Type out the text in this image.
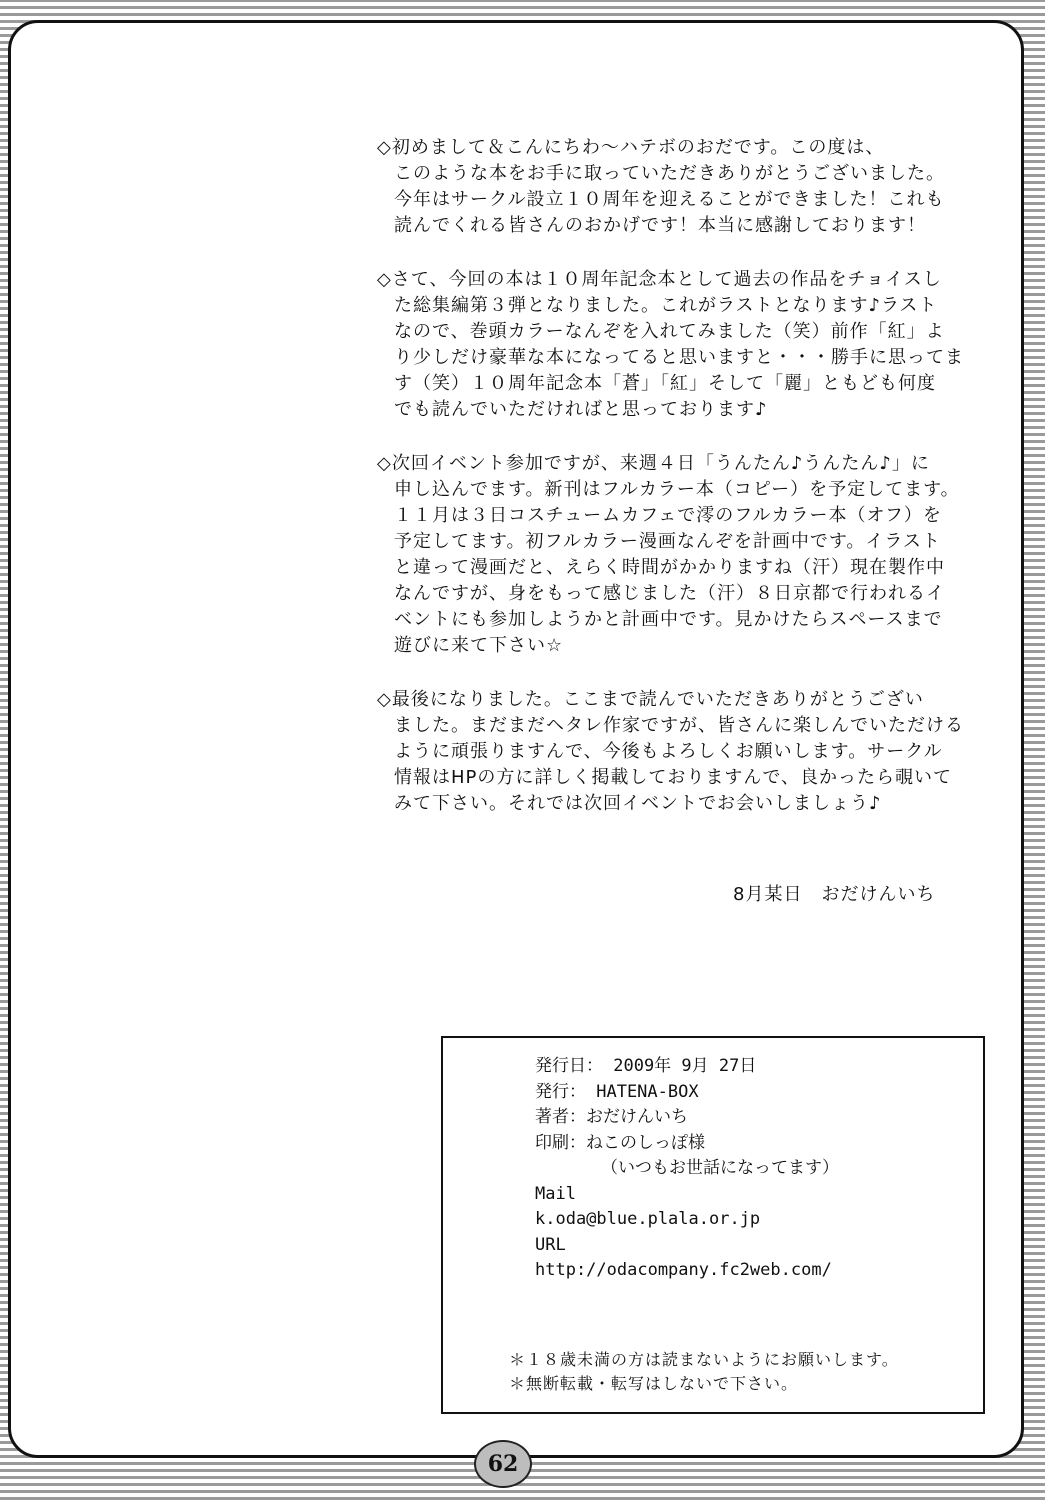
◇初めまして＆こんにちわ～ハテボのおだです。この度は、
このような本をお手に取っていただきありがとうございました。
今年はサークル設立１０周年を迎えることができました！これも
読んでくれる皆さんのおかげです！本当に感謝しております！
◇さて、今回の本は１０周年記念本として過去の作品をチョイスし
た総集編第３弾となりました。これがラストとなります♪ラスト
なので、巻頭カラーなんぞを入れてみました（笑）前作「紅」よ
り少しだけ豪華な本になってると思いますと・・・勝手に思ってま
す（笑）１０周年記念本「蒼」「紅」そして「麗」ともども何度
でも読んでいただければと思っております♪
◇次回イベント参加ですが、来週４日「うんたん♪うんたん♪」に
申し込んでます。新刊はフルカラー本（コピー）を予定してます。
１１月は３日コスチュームカフェで澪のフルカラー本（オフ）を
予定してます。初フルカラー漫画なんぞを計画中です。イラスト
と違って漫画だと、えらく時間がかかりますね（汗）現在製作中
なんですが、身をもって感じました（汗）８日京都で行われるイ
ベントにも参加しようかと計画中です。見かけたらスペースまで
遊びに来て下さい☆
◇最後になりました。ここまで読んでいただきありがとうござい
ました。まだまだヘタレ作家ですが、皆さんに楽しんでいただける
ように頑張りますんで、今後もよろしくお願いします。サークル
情報はHPの方に詳しく掲載しておりますんで、良かったら覗いて
みて下さい。それでは次回イベントでお会いしましょう♪
8月某日　おだけんいち
発行日： 2009年 9月 27日
発行： HATENA-BOX
著者：おだけんいち
印刷：ねこのしっぽ様
（いつもお世話になってます）
Mail
k.oda@blue.plala.or.jp
URL
http://odacompany.fc2web.com/
＊１８歳未満の方は読まないようにお願いします。
＊無断転載・転写はしないで下さい。
62
